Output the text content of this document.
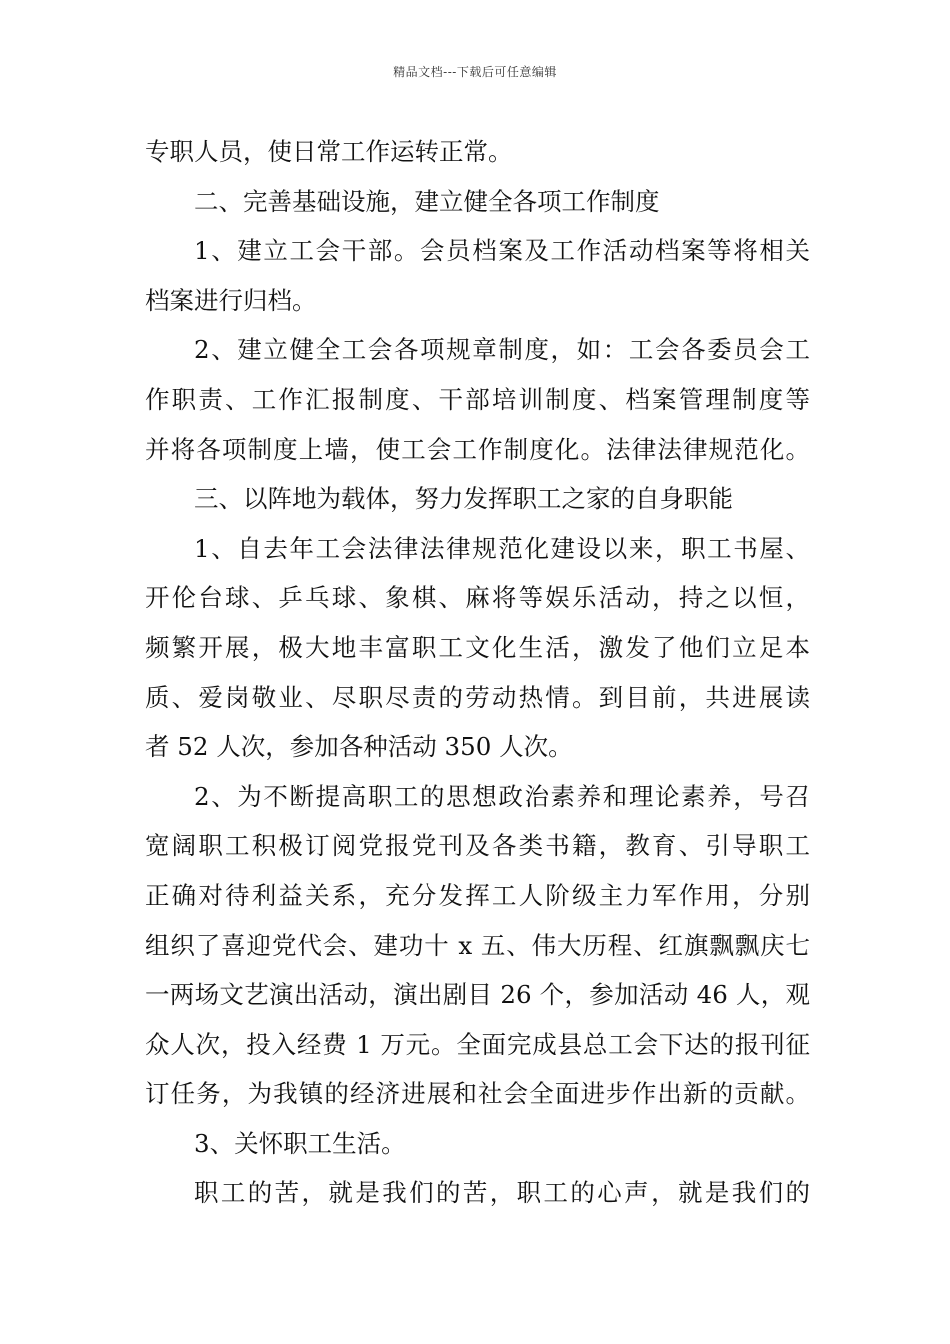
精品文档---下载后可任意编辑
专职人员，使日常工作运转正常。
二、完善基础设施，建立健全各项工作制度
1、建立工会干部。会员档案及工作活动档案等将相关
档案进行归档。
2、建立健全工会各项规章制度，如：工会各委员会工
作职责、工作汇报制度、干部培训制度、档案管理制度等
并将各项制度上墙，使工会工作制度化。法律法律规范化。
三、以阵地为载体，努力发挥职工之家的自身职能
1、自去年工会法律法律规范化建设以来，职工书屋、
开伦台球、乒乓球、象棋、麻将等娱乐活动，持之以恒，
频繁开展，极大地丰富职工文化生活，激发了他们立足本
质、爱岗敬业、尽职尽责的劳动热情。到目前，共进展读
者 52 人次，参加各种活动 350 人次。
2、为不断提高职工的思想政治素养和理论素养，号召
宽阔职工积极订阅党报党刊及各类书籍，教育、引导职工
正确对待利益关系，充分发挥工人阶级主力军作用，分别
组织了喜迎党代会、建功十 x 五、伟大历程、红旗飘飘庆七
一两场文艺演出活动，演出剧目 26 个，参加活动 46 人，观
众人次，投入经费 1 万元。全面完成县总工会下达的报刊征
订任务，为我镇的经济进展和社会全面进步作出新的贡献。
3、关怀职工生活。
职工的苦，就是我们的苦，职工的心声，就是我们的
